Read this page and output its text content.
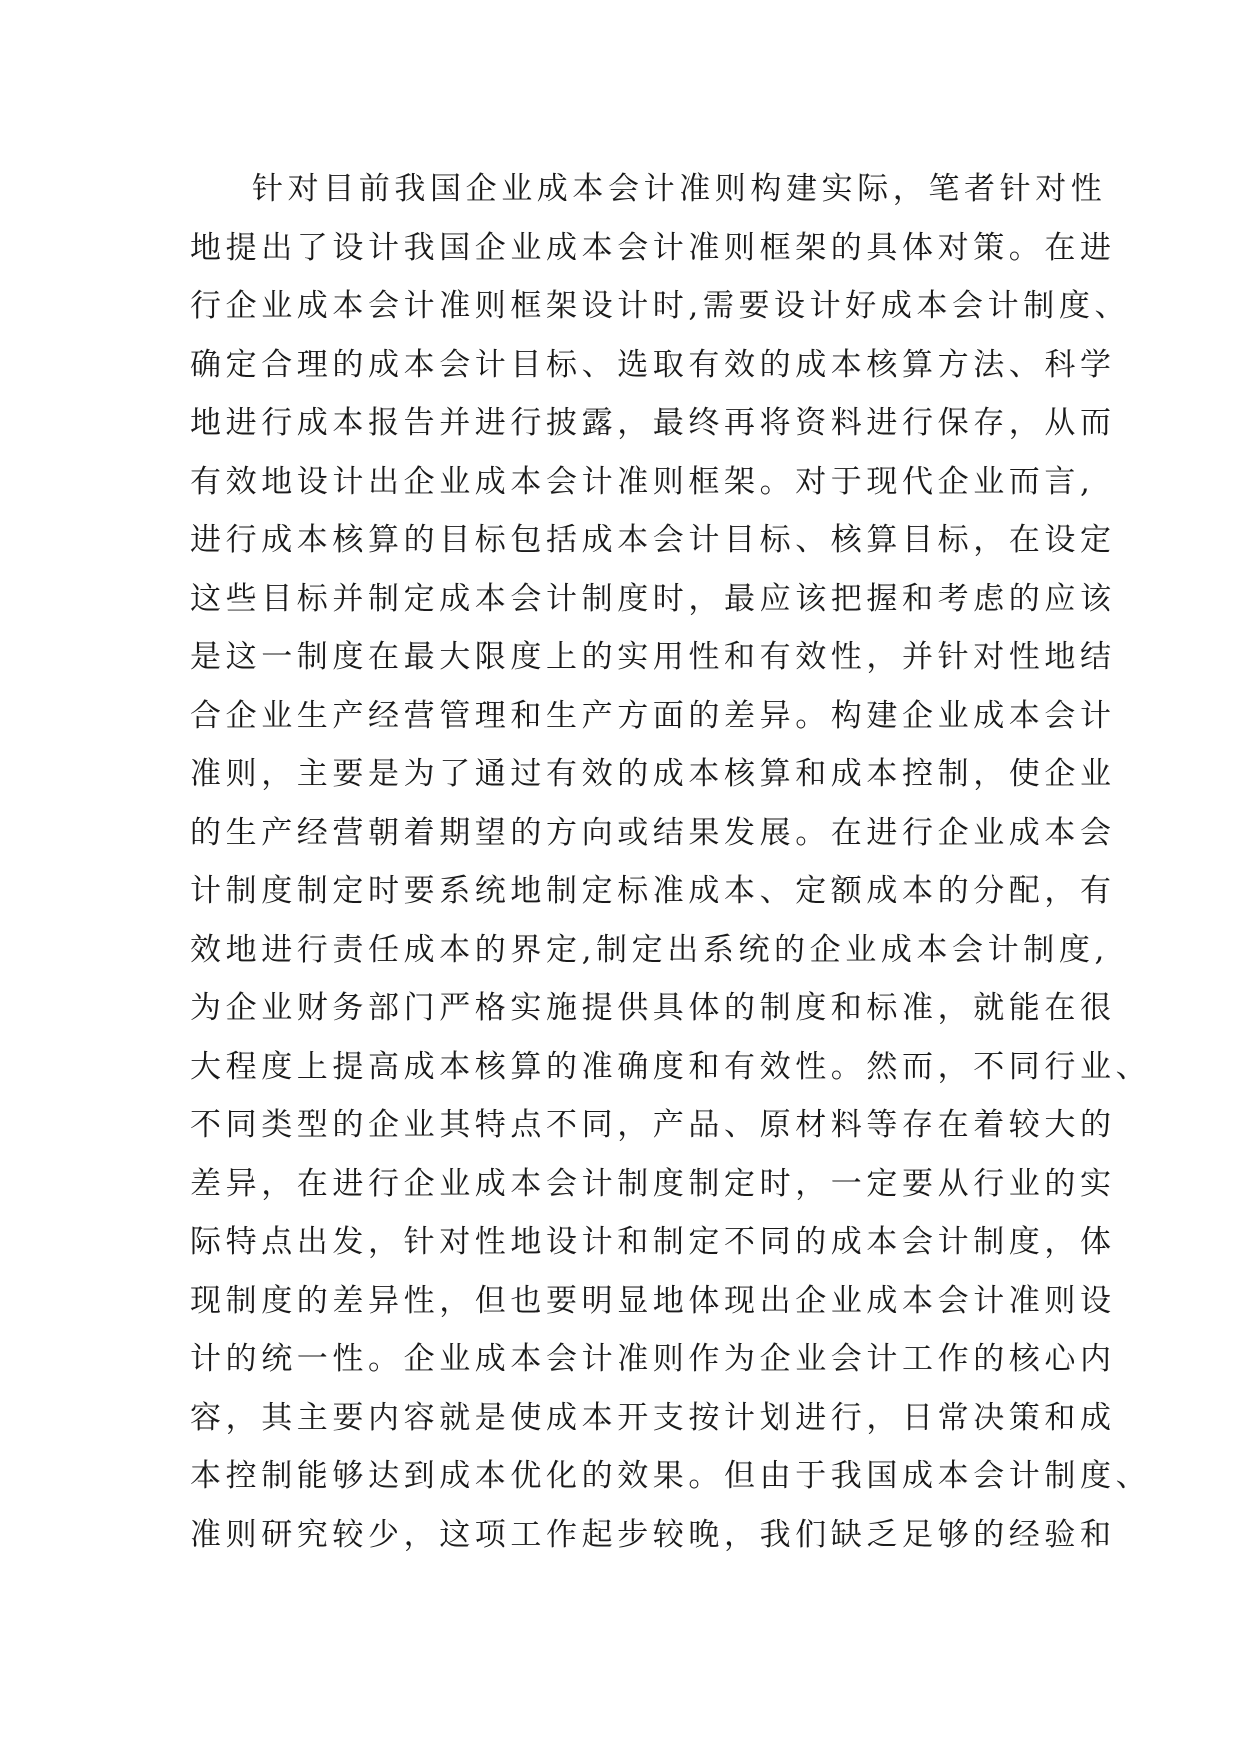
针对目前我国企业成本会计准则构建实际，笔者针对性
地提出了设计我国企业成本会计准则框架的具体对策。在进
行企业成本会计准则框架设计时,需要设计好成本会计制度、
确定合理的成本会计目标、选取有效的成本核算方法、科学
地进行成本报告并进行披露，最终再将资料进行保存，从而
有效地设计出企业成本会计准则框架。对于现代企业而言,
进行成本核算的目标包括成本会计目标、核算目标，在设定
这些目标并制定成本会计制度时，最应该把握和考虑的应该
是这一制度在最大限度上的实用性和有效性，并针对性地结
合企业生产经营管理和生产方面的差异。构建企业成本会计
准则，主要是为了通过有效的成本核算和成本控制，使企业
的生产经营朝着期望的方向或结果发展。在进行企业成本会
计制度制定时要系统地制定标准成本、定额成本的分配，有
效地进行责任成本的界定,制定出系统的企业成本会计制度,
为企业财务部门严格实施提供具体的制度和标准，就能在很
大程度上提高成本核算的准确度和有效性。然而，不同行业、
不同类型的企业其特点不同，产品、原材料等存在着较大的
差异，在进行企业成本会计制度制定时，一定要从行业的实
际特点出发，针对性地设计和制定不同的成本会计制度，体
现制度的差异性，但也要明显地体现出企业成本会计准则设
计的统一性。企业成本会计准则作为企业会计工作的核心内
容，其主要内容就是使成本开支按计划进行，日常决策和成
本控制能够达到成本优化的效果。但由于我国成本会计制度、
准则研究较少，这项工作起步较晚，我们缺乏足够的经验和
